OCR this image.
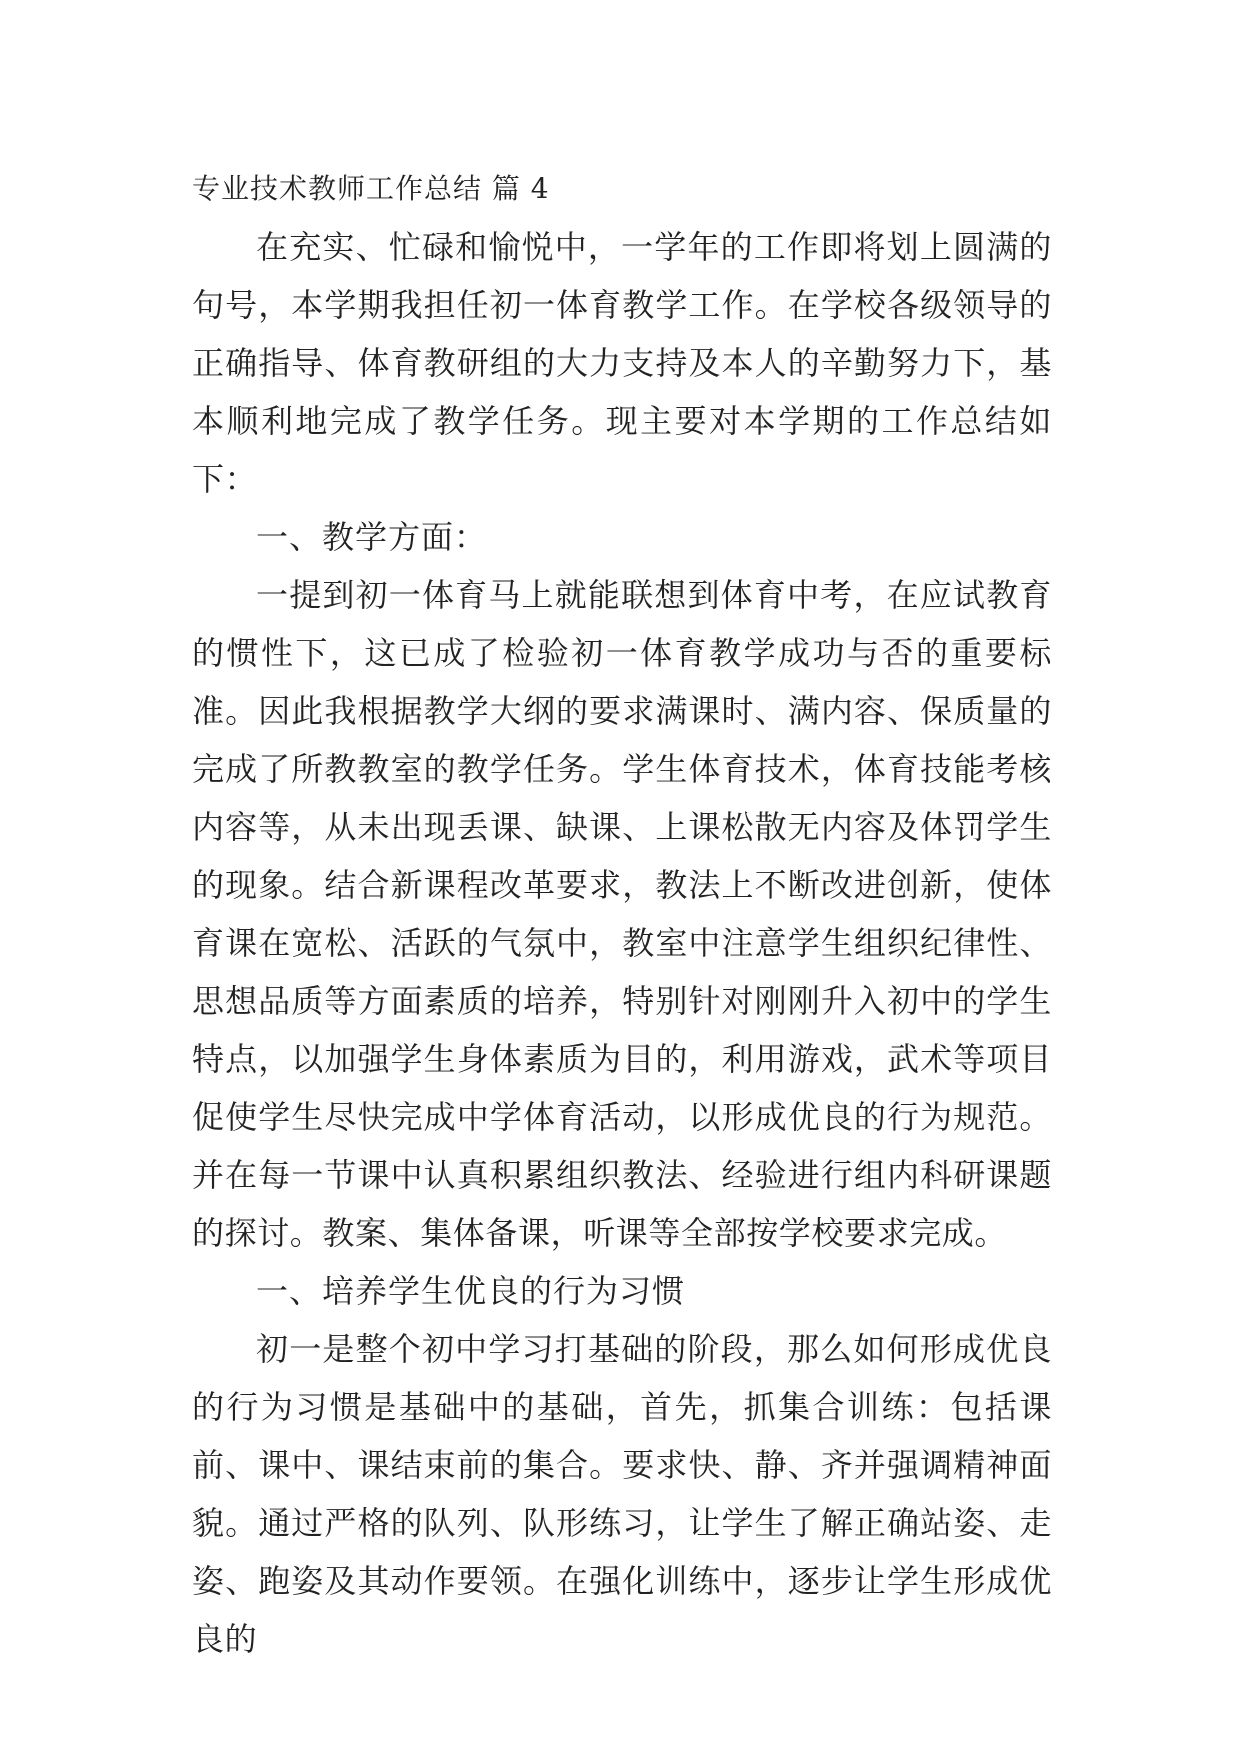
专业技术教师工作总结 篇 4

在充实、忙碌和愉悦中，一学年的工作即将划上圆满的句号，本学期我担任初一体育教学工作。在学校各级领导的正确指导、体育教研组的大力支持及本人的辛勤努力下，基本顺利地完成了教学任务。现主要对本学期的工作总结如下：

一、教学方面：

一提到初一体育马上就能联想到体育中考，在应试教育的惯性下，这已成了检验初一体育教学成功与否的重要标准。因此我根据教学大纲的要求满课时、满内容、保质量的完成了所教教室的教学任务。学生体育技术，体育技能考核内容等，从未出现丢课、缺课、上课松散无内容及体罚学生的现象。结合新课程改革要求，教法上不断改进创新，使体育课在宽松、活跃的气氛中，教室中注意学生组织纪律性、思想品质等方面素质的培养，特别针对刚刚升入初中的学生特点，以加强学生身体素质为目的，利用游戏，武术等项目促使学生尽快完成中学体育活动，以形成优良的行为规范。并在每一节课中认真积累组织教法、经验进行组内科研课题的探讨。教案、集体备课，听课等全部按学校要求完成。

一、培养学生优良的行为习惯

初一是整个初中学习打基础的阶段，那么如何形成优良的行为习惯是基础中的基础，首先，抓集合训练：包括课前、课中、课结束前的集合。要求快、静、齐并强调精神面貌。通过严格的队列、队形练习，让学生了解正确站姿、走姿、跑姿及其动作要领。在强化训练中，逐步让学生形成优良的
